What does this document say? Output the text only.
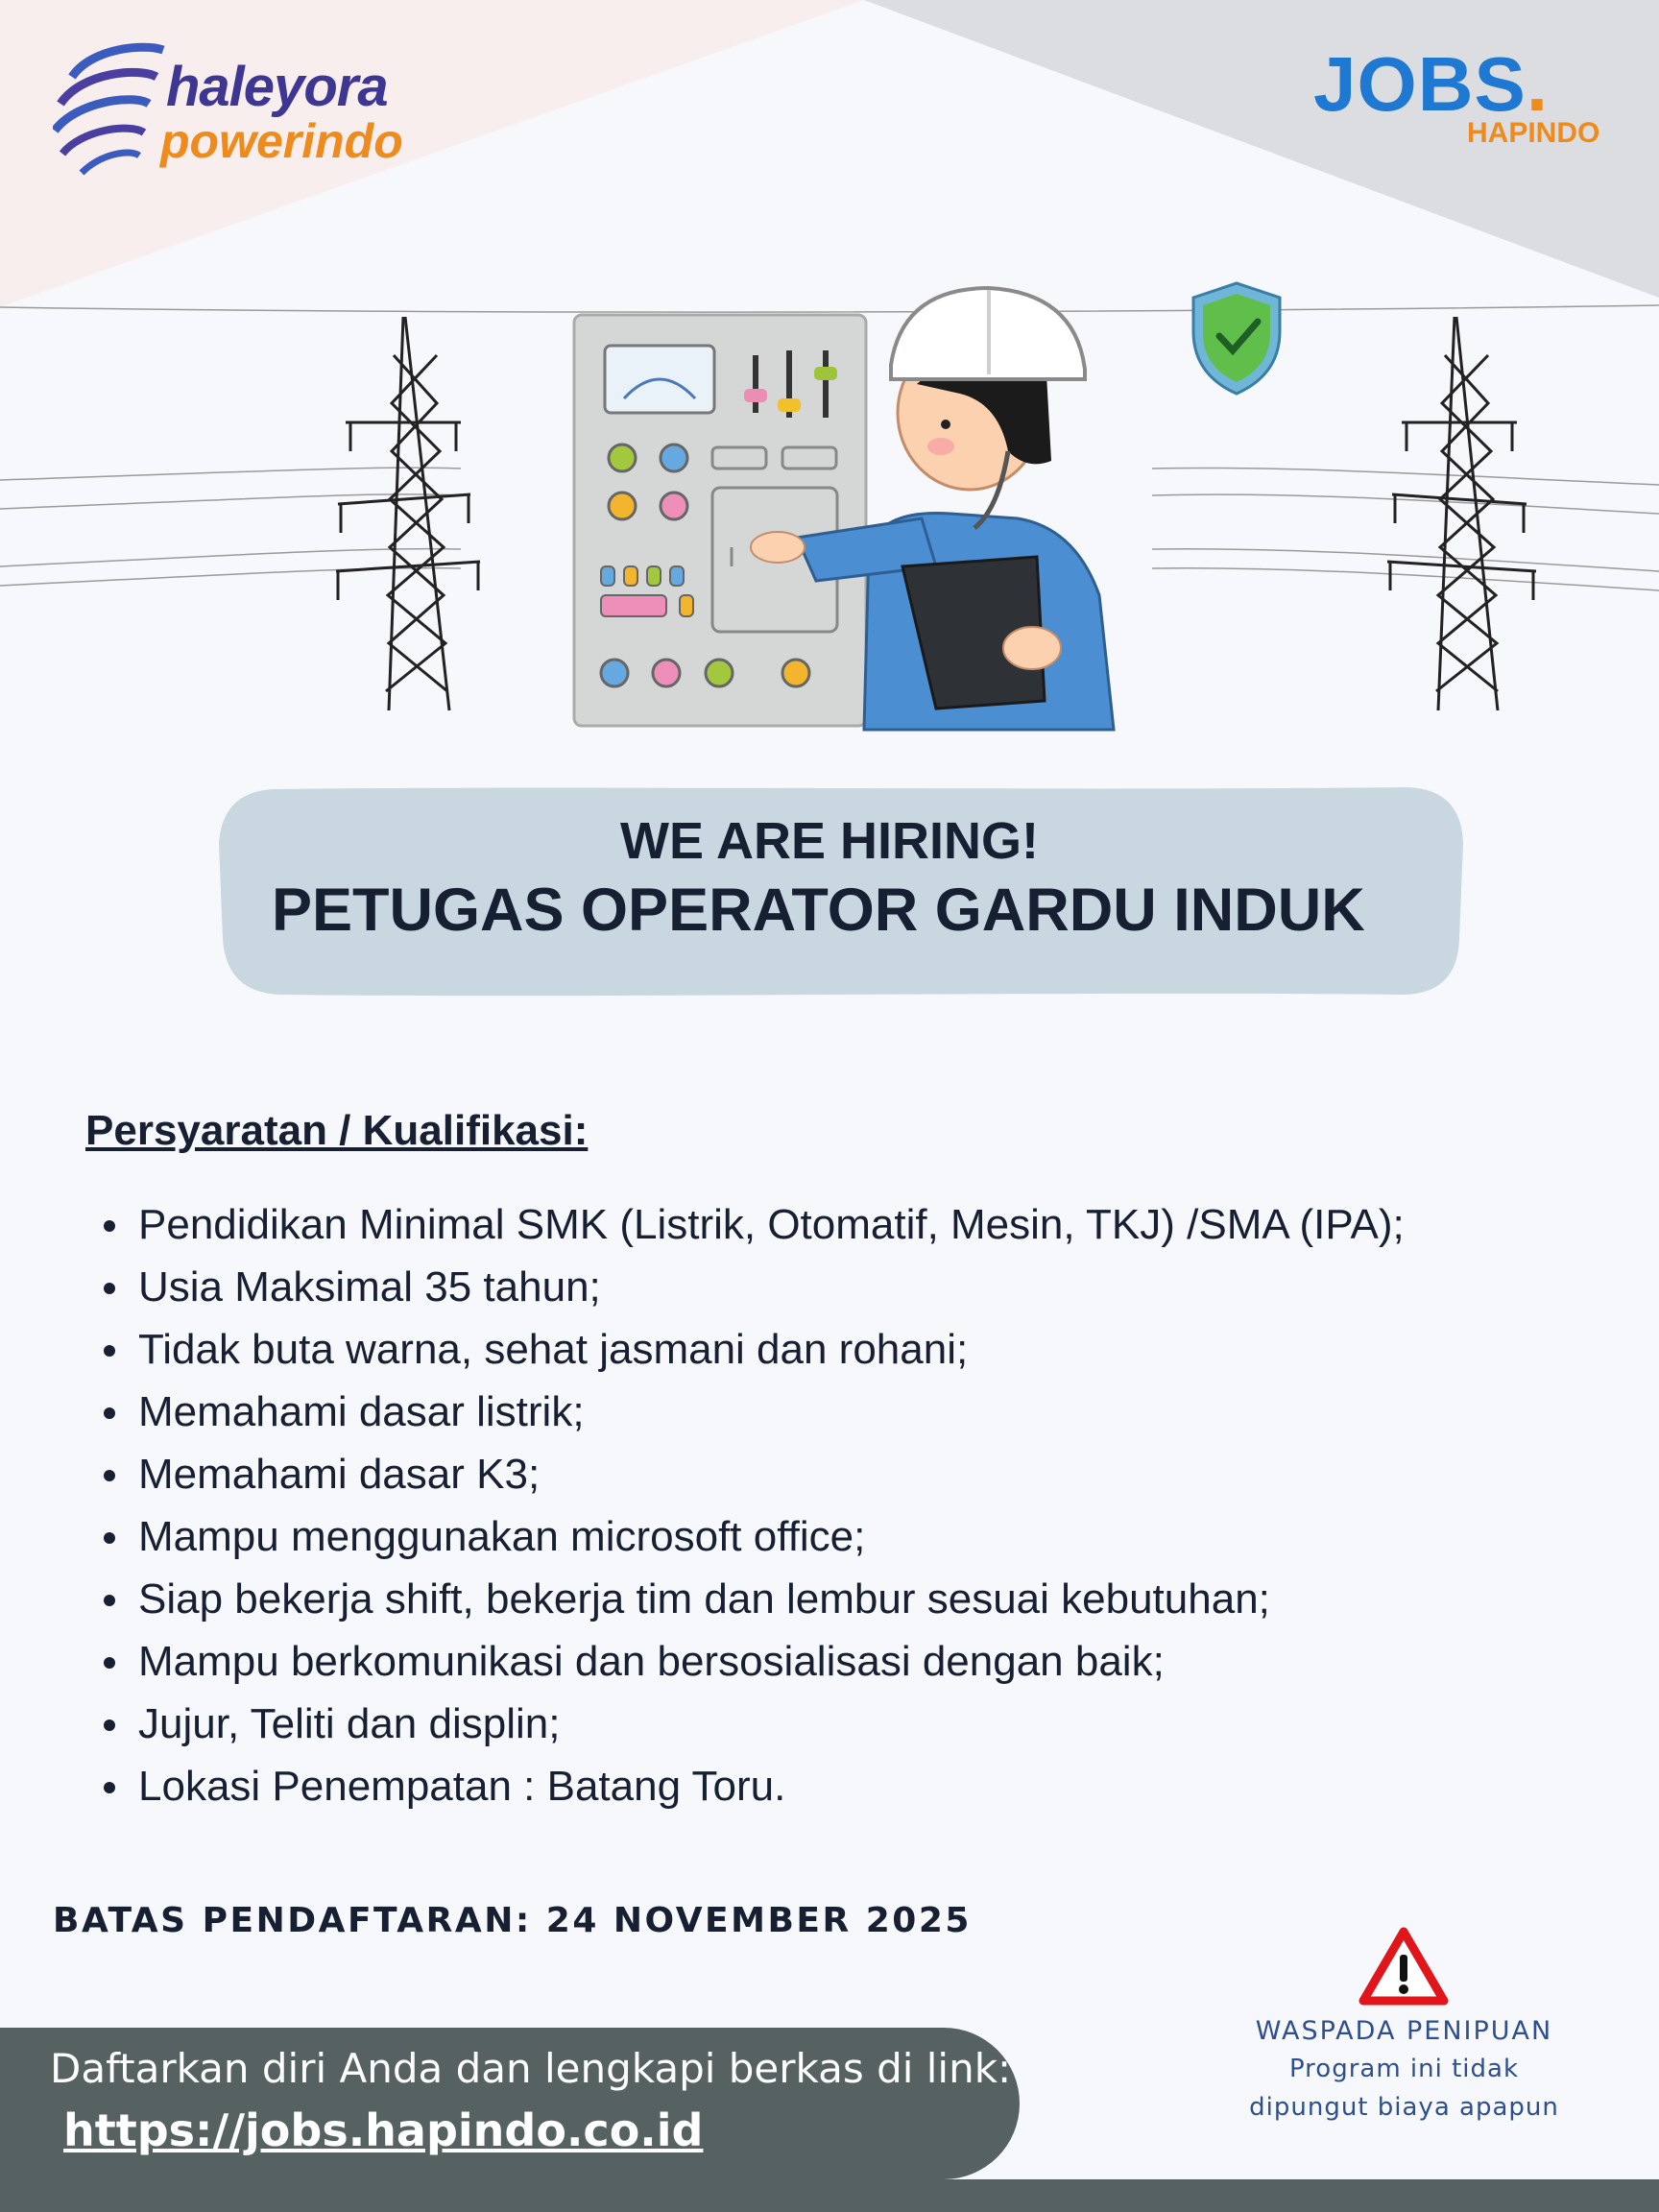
haleyora
powerindo
JOBS.
HAPINDO
WE ARE HIRING!
PETUGAS OPERATOR GARDU INDUK
Persyaratan / Kualifikasi:
Pendidikan Minimal SMK (Listrik, Otomatif, Mesin, TKJ) /SMA (IPA);
Usia Maksimal 35 tahun;
Tidak buta warna, sehat jasmani dan rohani;
Memahami dasar listrik;
Memahami dasar K3;
Mampu menggunakan microsoft office;
Siap bekerja shift, bekerja tim dan lembur sesuai kebutuhan;
Mampu berkomunikasi dan bersosialisasi dengan baik;
Jujur, Teliti dan displin;
Lokasi Penempatan : Batang Toru.
BATAS PENDAFTARAN: 24 NOVEMBER 2025
Daftarkan diri Anda dan lengkapi berkas di link:
https://jobs.hapindo.co.id
WASPADA PENIPUAN
Program ini tidak
dipungut biaya apapun
